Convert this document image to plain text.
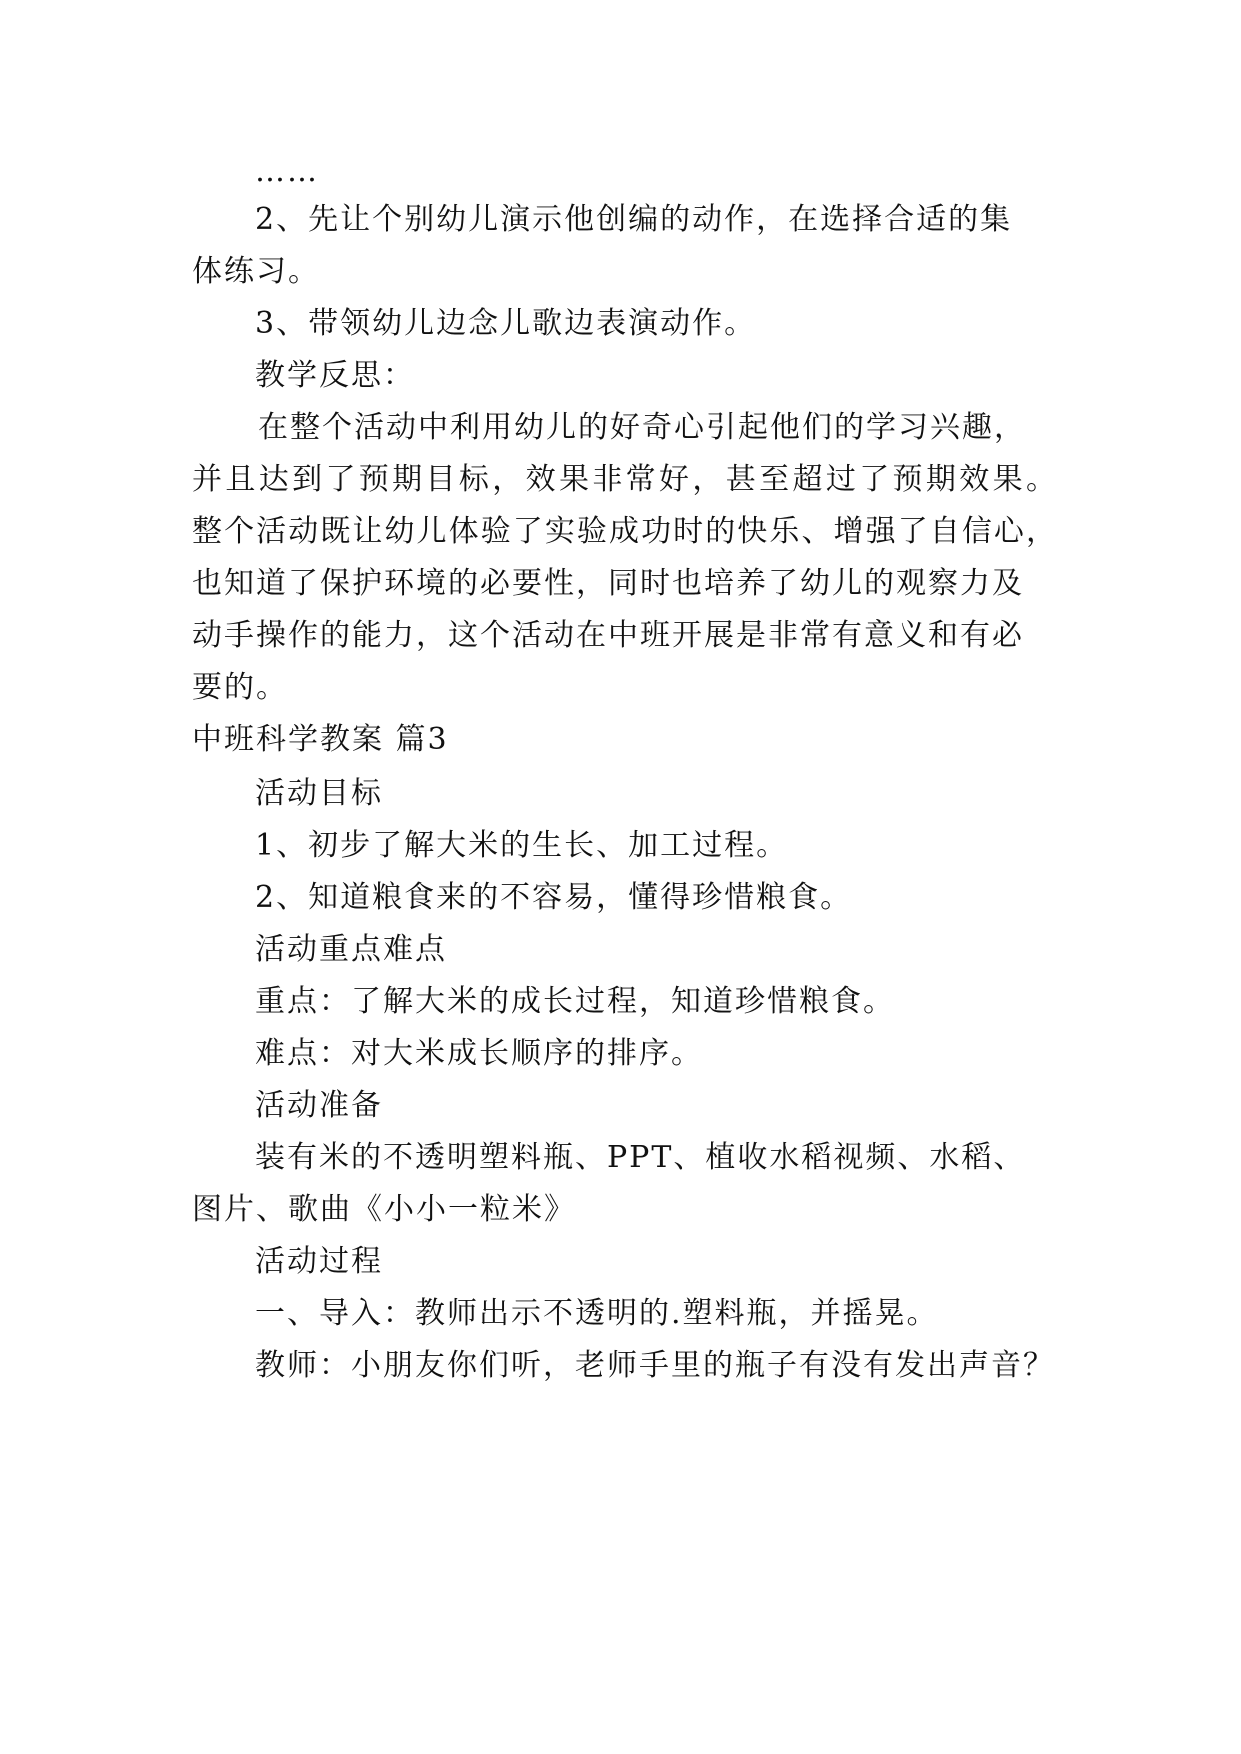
……
2、先让个别幼儿演示他创编的动作，在选择合适的集
体练习。
3、带领幼儿边念儿歌边表演动作。
教学反思：
在整个活动中利用幼儿的好奇心引起他们的学习兴趣，
并且达到了预期目标，效果非常好，甚至超过了预期效果。
整个活动既让幼儿体验了实验成功时的快乐、增强了自信心，
也知道了保护环境的必要性，同时也培养了幼儿的观察力及
动手操作的能力，这个活动在中班开展是非常有意义和有必
要的。
中班科学教案 篇3
活动目标
1、初步了解大米的生长、加工过程。
2、知道粮食来的不容易，懂得珍惜粮食。
活动重点难点
重点：了解大米的成长过程，知道珍惜粮食。
难点：对大米成长顺序的排序。
活动准备
装有米的不透明塑料瓶、PPT、植收水稻视频、水稻、
图片、歌曲《小小一粒米》
活动过程
一、导入：教师出示不透明的.塑料瓶，并摇晃。
教师：小朋友你们听，老师手里的瓶子有没有发出声音？
